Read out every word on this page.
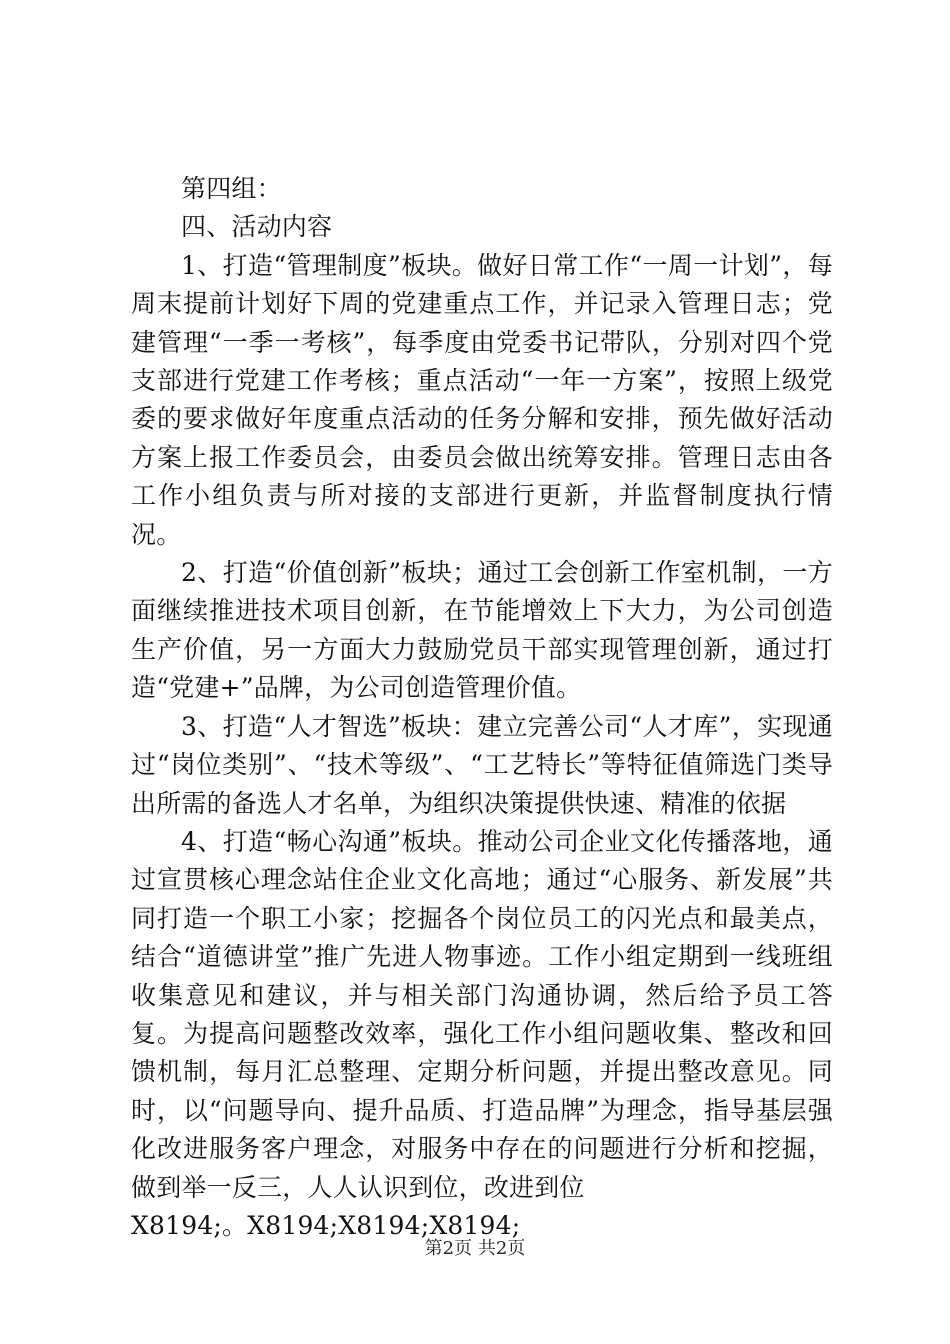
第四组：

四、活动内容

1、打造“管理制度”板块。做好日常工作“一周一计划”，每周末提前计划好下周的党建重点工作，并记录入管理日志；党建管理“一季一考核”，每季度由党委书记带队，分别对四个党支部进行党建工作考核；重点活动“一年一方案”，按照上级党委的要求做好年度重点活动的任务分解和安排，预先做好活动方案上报工作委员会，由委员会做出统筹安排。管理日志由各工作小组负责与所对接的支部进行更新，并监督制度执行情况。

2、打造“价值创新”板块；通过工会创新工作室机制，一方面继续推进技术项目创新，在节能增效上下大力，为公司创造生产价值，另一方面大力鼓励党员干部实现管理创新，通过打造“党建+”品牌，为公司创造管理价值。

3、打造“人才智选”板块：建立完善公司“人才库”，实现通过“岗位类别”、“技术等级”、“工艺特长”等特征值筛选门类导出所需的备选人才名单，为组织决策提供快速、精准的依据

4、打造“畅心沟通”板块。推动公司企业文化传播落地，通过宣贯核心理念站住企业文化高地；通过“心服务、新发展”共同打造一个职工小家；挖掘各个岗位员工的闪光点和最美点，结合“道德讲堂”推广先进人物事迹。工作小组定期到一线班组收集意见和建议，并与相关部门沟通协调，然后给予员工答复。为提高问题整改效率，强化工作小组问题收集、整改和回馈机制，每月汇总整理、定期分析问题，并提出整改意见。同时，以“问题导向、提升品质、打造品牌”为理念，指导基层强化改进服务客户理念，对服务中存在的问题进行分析和挖掘，做到举一反三，人人认识到位，改进到位

X8194;。X8194;X8194;X8194;

第2页 共2页
